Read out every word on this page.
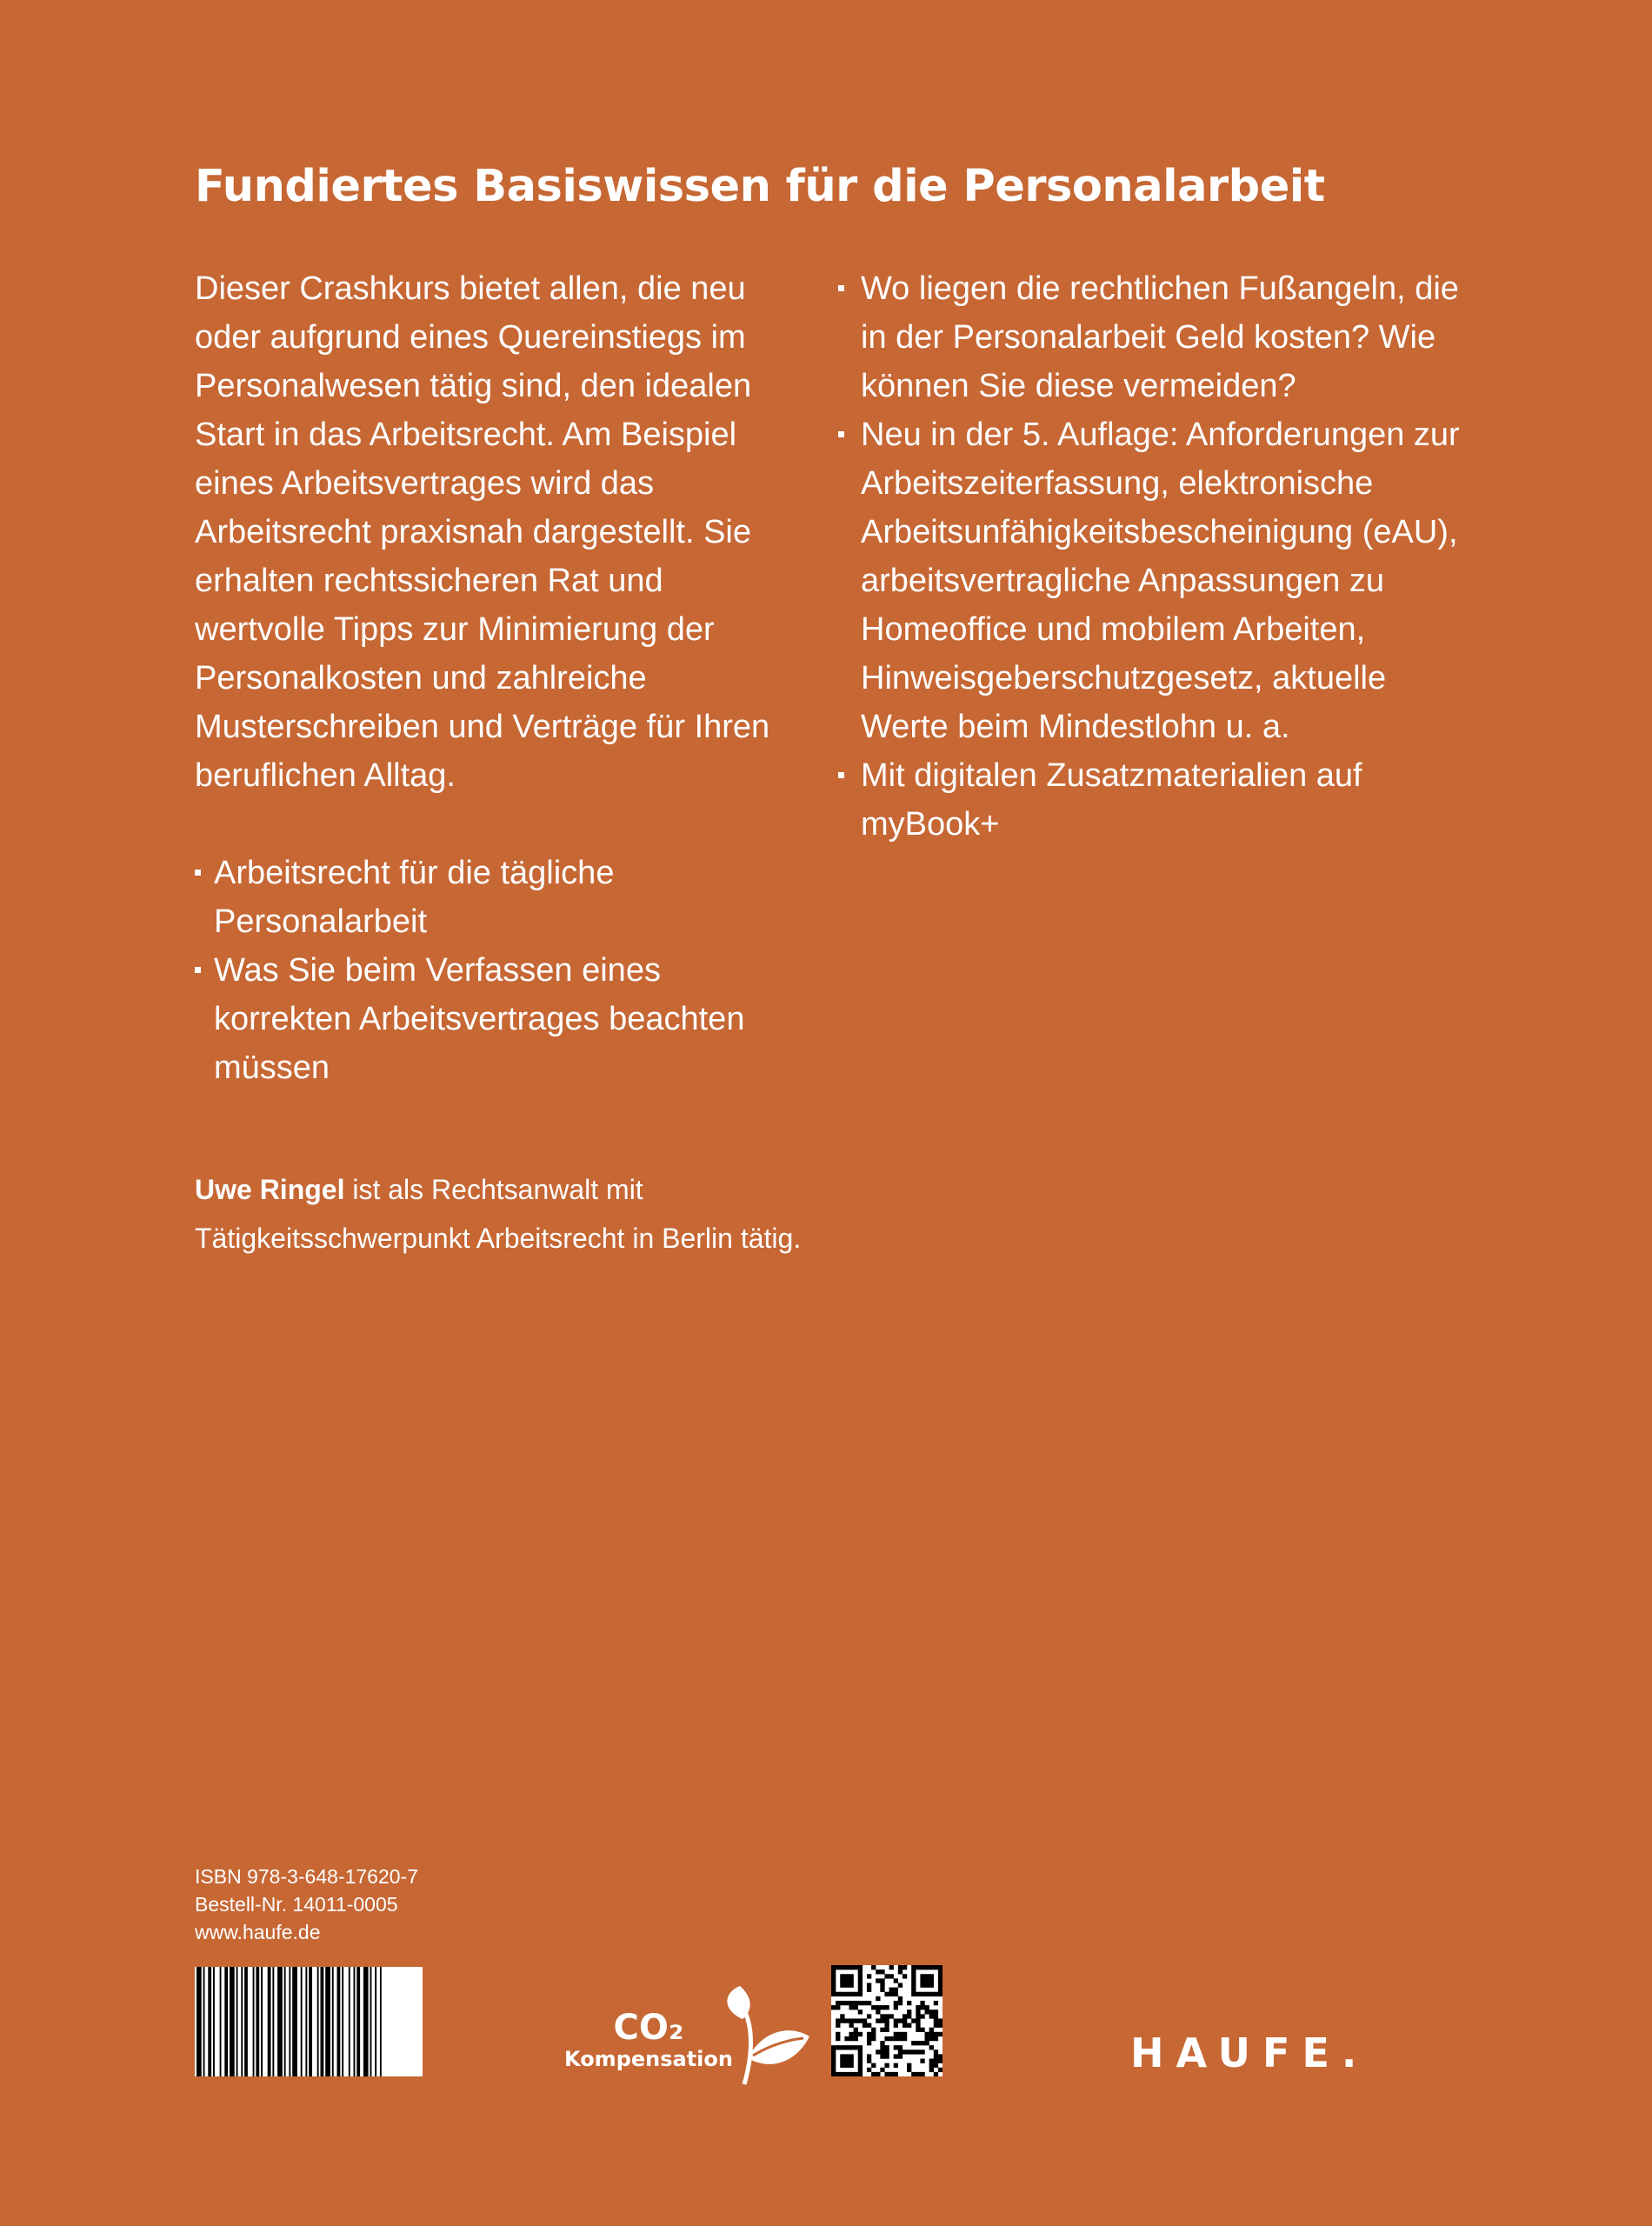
Fundiertes Basiswissen für die Personalarbeit

Dieser Crashkurs bietet allen, die neu oder aufgrund eines Quereinstiegs im Personalwesen tätig sind, den idealen Start in das Arbeitsrecht. Am Beispiel eines Arbeitsvertrages wird das Arbeitsrecht praxisnah dargestellt. Sie erhalten rechtssicheren Rat und wertvolle Tipps zur Minimierung der Personalkosten und zahlreiche Musterschreiben und Verträge für Ihren beruflichen Alltag.

Arbeitsrecht für die tägliche Personalarbeit
Was Sie beim Verfassen eines korrekten Arbeitsvertrages beachten müssen
Wo liegen die rechtlichen Fußangeln, die in der Personalarbeit Geld kosten? Wie können Sie diese vermeiden?
Neu in der 5. Auflage: Anforderungen zur Arbeitszeiterfassung, elektronische Arbeitsunfähigkeitsbescheinigung (eAU), arbeitsvertragliche Anpassungen zu Homeoffice und mobilem Arbeiten, Hinweisgeberschutzgesetz, aktuelle Werte beim Mindestlohn u. a.
Mit digitalen Zusatzmaterialien auf myBook+

Uwe Ringel ist als Rechtsanwalt mit Tätigkeitsschwerpunkt Arbeitsrecht in Berlin tätig.

ISBN 978-3-648-17620-7
Bestell-Nr. 14011-0005
www.haufe.de
CO₂
Kompensation	HAUFE.
